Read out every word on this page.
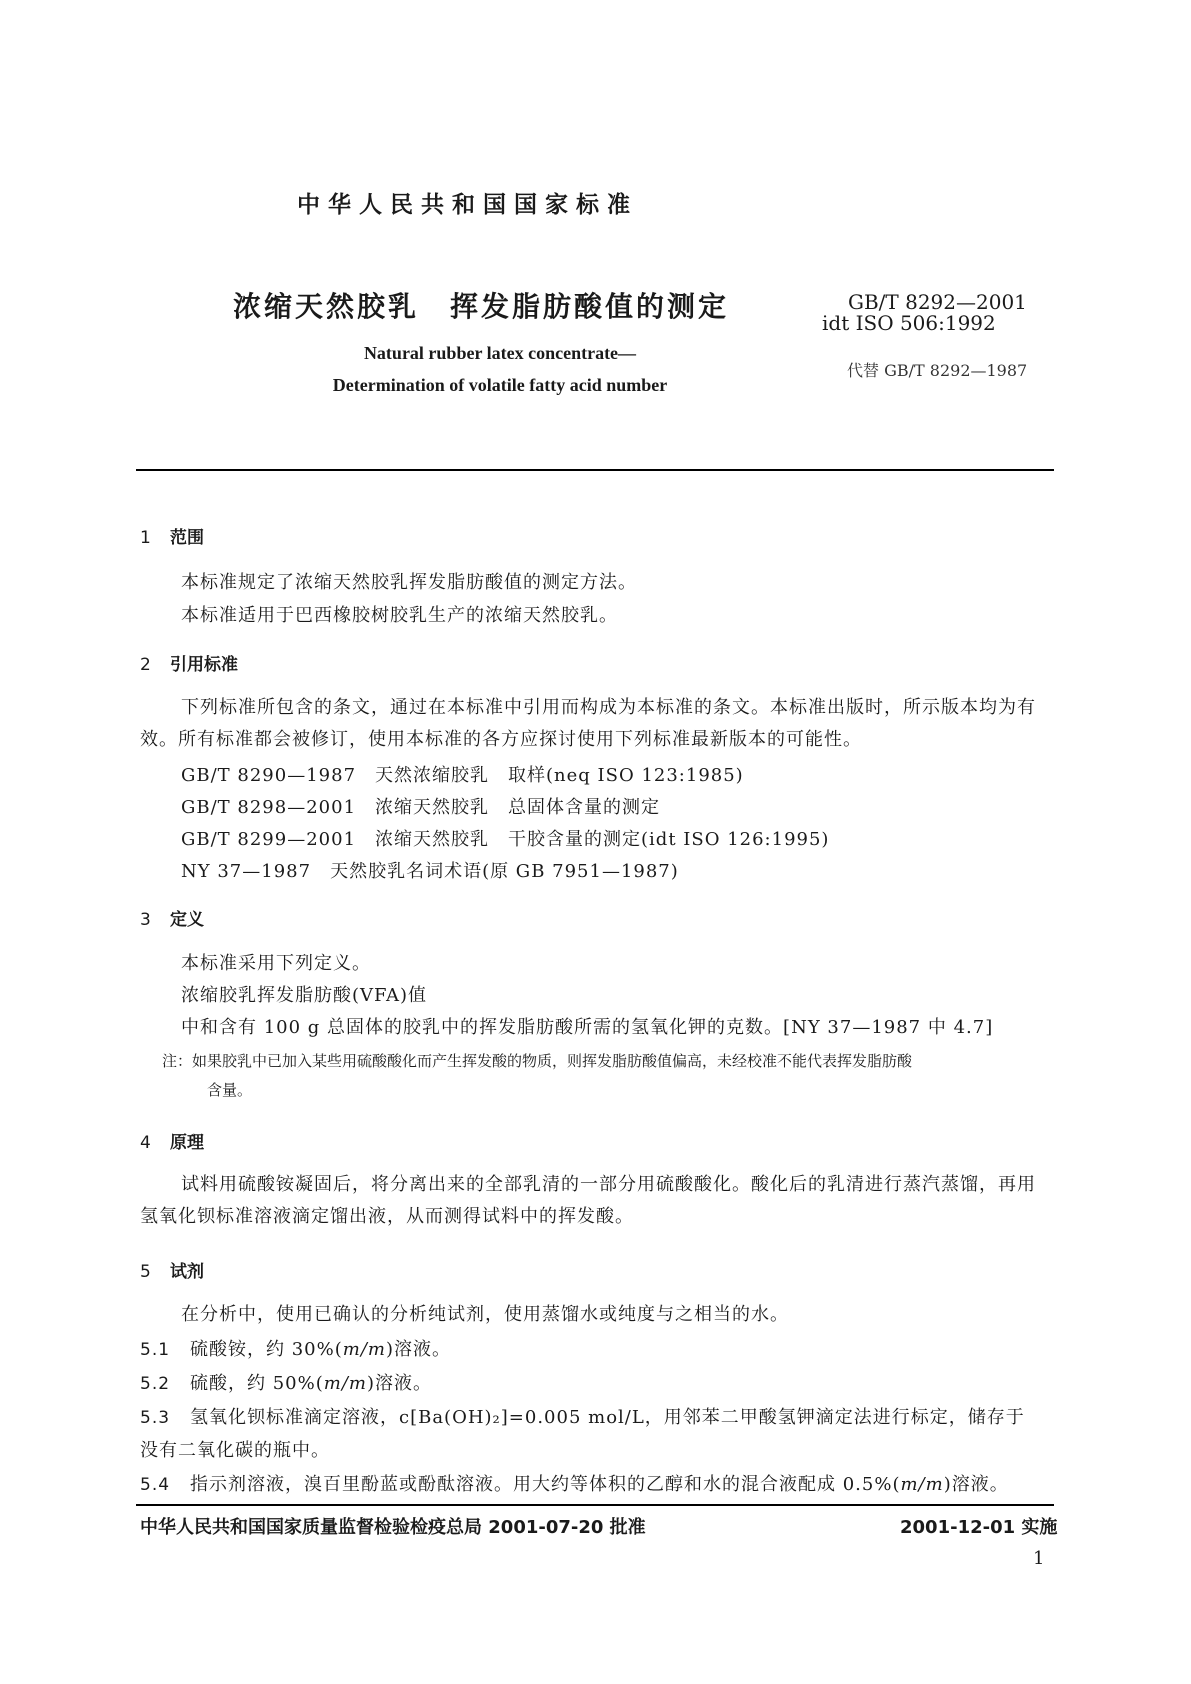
中华人民共和国国家标准
浓缩天然胶乳　挥发脂肪酸值的测定	GB/T 8292—2001
idt ISO 506:1992
代替 GB/T 8292—1987
Natural rubber latex concentrate—
Determination of volatile fatty acid number
1 范围
本标准规定了浓缩天然胶乳挥发脂肪酸值的测定方法。
本标准适用于巴西橡胶树胶乳生产的浓缩天然胶乳。
2 引用标准
下列标准所包含的条文，通过在本标准中引用而构成为本标准的条文。本标准出版时，所示版本均为有效。所有标准都会被修订，使用本标准的各方应探讨使用下列标准最新版本的可能性。
GB/T 8290—1987　天然浓缩胶乳　取样(neq ISO 123:1985)
GB/T 8298—2001　浓缩天然胶乳　总固体含量的测定
GB/T 8299—2001　浓缩天然胶乳　干胶含量的测定(idt ISO 126:1995)
NY 37—1987　天然胶乳名词术语(原 GB 7951—1987)
3 定义
本标准采用下列定义。
浓缩胶乳挥发脂肪酸(VFA)值
中和含有 100 g 总固体的胶乳中的挥发脂肪酸所需的氢氧化钾的克数。[NY 37—1987 中 4.7]
注：如果胶乳中已加入某些用硫酸酸化而产生挥发酸的物质，则挥发脂肪酸值偏高，未经校准不能代表挥发脂肪酸
含量。
4 原理
试料用硫酸铵凝固后，将分离出来的全部乳清的一部分用硫酸酸化。酸化后的乳清进行蒸汽蒸馏，再用氢氧化钡标准溶液滴定馏出液，从而测得试料中的挥发酸。
5 试剂
在分析中，使用已确认的分析纯试剂，使用蒸馏水或纯度与之相当的水。
5.1 硫酸铵，约 30%(m/m)溶液。
5.2 硫酸，约 50%(m/m)溶液。
5.3 氢氧化钡标准滴定溶液，c[Ba(OH)₂]=0.005 mol/L，用邻苯二甲酸氢钾滴定法进行标定，储存于
没有二氧化碳的瓶中。
5.4 指示剂溶液，溴百里酚蓝或酚酞溶液。用大约等体积的乙醇和水的混合液配成 0.5%(m/m)溶液。
中华人民共和国国家质量监督检验检疫总局 2001-07-20 批准	2001-12-01 实施
1
